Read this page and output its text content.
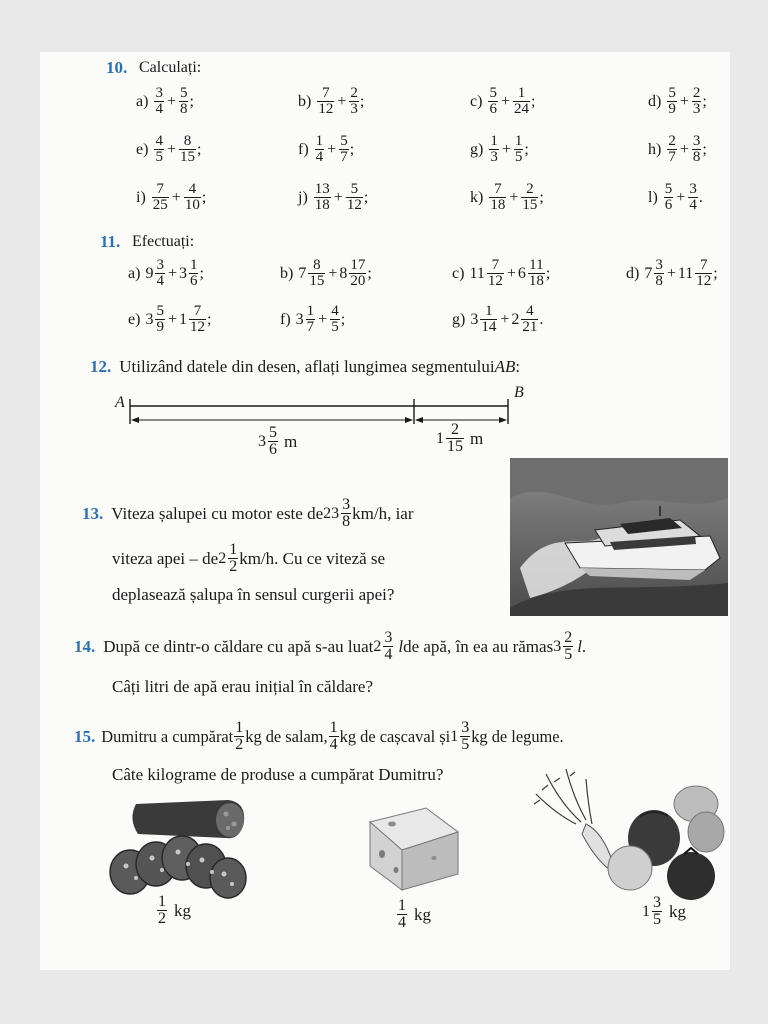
10. Calculați:
$a) \frac{3}{4} + \frac{5}{8}$ ;	$b) \frac{7}{12} + \frac{2}{3}$ ;	$c) \frac{5}{6} + \frac{1}{24}$ ;	$d) \frac{5}{9} + \frac{2}{3}$ ;
$e) \frac{4}{5} + \frac{8}{15}$ ;	$f) \frac{1}{4} + \frac{5}{7}$ ;	$g) \frac{1}{3} + \frac{1}{5}$ ;	$h) \frac{2}{7} + \frac{3}{8}$ ;
$i) \frac{7}{25} + \frac{4}{10}$ ;	$j) \frac{13}{18} + \frac{5}{12}$ ;	$k) \frac{7}{18} + \frac{2}{15}$ ;	$l) \frac{5}{6} + \frac{3}{4}$ .
11. Efectuați:
a) $9 \frac{3}{4} + 3 \frac{1}{6}$ ;	b) $7 \frac{8}{15} + 8 \frac{17}{20}$ ;	c) $11 \frac{7}{12} + 6 \frac{11}{18}$ ;	d) $7 \frac{3}{8} + 11 \frac{7}{12}$ ;
e) $3 \frac{5}{9} + 1 \frac{7}{12}$ ;	f) $3 \frac{1}{7} + \frac{4}{5}$ ;	g) $3 \frac{1}{14} + 2 \frac{4}{21}$ .
12. Utilizând datele din desen, aflați lungimea segmentului AB :
A
B
$3 \frac{5}{6}$ m	$1 \frac{2}{15}$ m
13. Viteza șalupei cu motor este de $23 \frac{3}{8} km/h$, iar
viteza apei – de $2 \frac{1}{2} km/h$. Cu ce viteză se
deplasează șalupa în sensul curgerii apei?
14. După ce dintr-o căldare cu apă s-au luat $2 \frac{3}{4}$ l de apă, în ea au rămas $3 \frac{2}{5}$ l .
Câți litri de apă erau inițial în căldare?
15. Dumitru a cumpărat $\frac{1}{2}$ kg de salam, $\frac{1}{4}$ kg de cașcaval și $1 \frac{3}{5}$ kg de legume.
Câte kilograme de produse a cumpărat Dumitru?
$\frac{1}{2}$ kg	$\frac{1}{4}$ kg	$1 \frac{3}{5}$ kg
